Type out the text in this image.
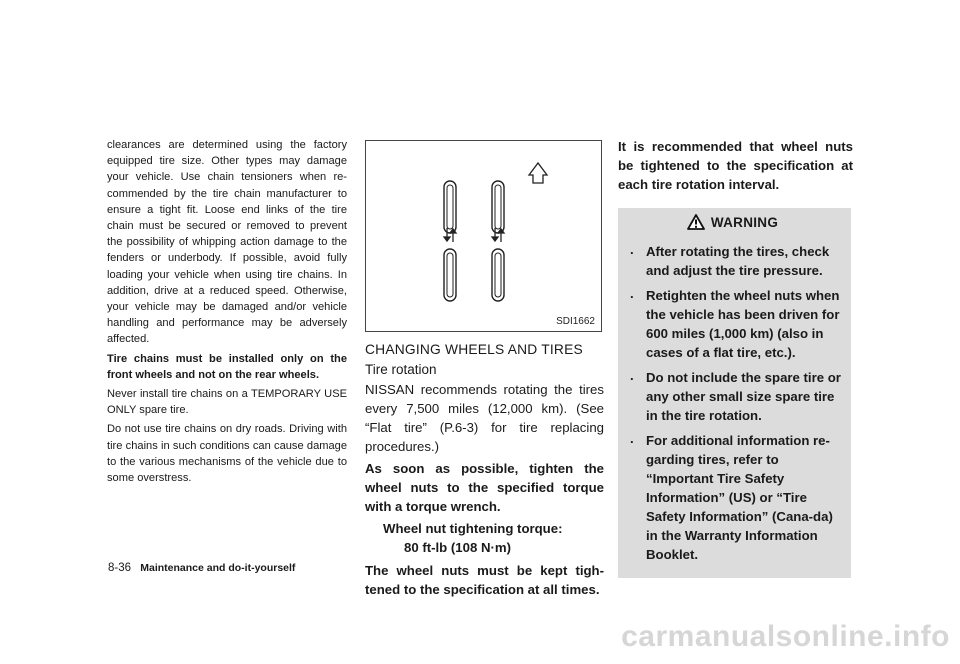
clearances are determined using the factory equipped tire size. Other types may damage your vehicle. Use chain tensioners when re-commended by the tire chain manufacturer to ensure a tight fit. Loose end links of the tire chain must be secured or removed to prevent the possibility of whipping action damage to the fenders or underbody. If possible, avoid fully loading your vehicle when using tire chains. In addition, drive at a reduced speed. Otherwise, your vehicle may be damaged and/or vehicle handling and performance may be adversely affected.

Tire chains must be installed only on the front wheels and not on the rear wheels.

Never install tire chains on a TEMPORARY USE ONLY spare tire.

Do not use tire chains on dry roads. Driving with tire chains in such conditions can cause damage to the various mechanisms of the vehicle due to some overstress.

SDI1662
CHANGING WHEELS AND TIRES
Tire rotation

NISSAN recommends rotating the tires every 7,500 miles (12,000 km). (See “Flat tire” (P.6-3) for tire replacing procedures.)

As soon as possible, tighten the wheel nuts to the specified torque with a torque wrench.

Wheel nut tightening torque:
80 ft-lb (108 N·m)

The wheel nuts must be kept tigh-tened to the specification at all times.

It is recommended that wheel nuts be tightened to the specification at each tire rotation interval.

WARNING
. After rotating the tires, check and adjust the tire pressure.
. Retighten the wheel nuts when the vehicle has been driven for 600 miles (1,000 km) (also in cases of a flat tire, etc.).
. Do not include the spare tire or any other small size spare tire in the tire rotation.
. For additional information re-garding tires, refer to “Important Tire Safety Information” (US) or “Tire Safety Information” (Cana-da) in the Warranty Information Booklet.
8-36 Maintenance and do-it-yourself
carmanualsonline.info
